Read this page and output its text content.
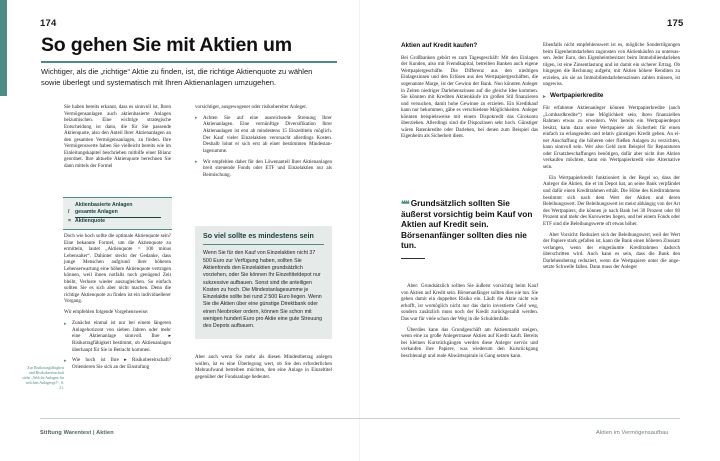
174	175
So gehen Sie mit Aktien um
Wichtiger, als die „richtige“ Aktie zu finden, ist, die richtige Aktienquote zu wählen sowie überlegt und systematisch mit Ihren Aktienanlagen umzugehen.

Sie haben bereits erkannt, dass es sinnvoll ist, Ihren Vermögensanlagen auch aktienbasierte Anlagen beizumischen. Eine wichtige strategische Entscheidung ist dann, die für Sie passende Aktienquote, also den Anteil Ihrer Aktienanlagen an den gesamten Vermögensanlagen, zu finden. Ihre Vermögenswerte haben Sie vielleicht bereits wie im Einleitungskapitel beschrieben mithilfe einer Bilanz geordnet. Ihre aktuelle Aktienquote berechnen Sie dann mittels der Formel

Aktienbasierte Anlagen
/ gesamte Anlagen
= Aktienquote

Doch wie hoch sollte die optimale Aktienquote sein? Eine bekannte Formel, um die Aktienquote zu ermitteln, lautet „Aktienquote = 100 minus Lebensalter“. Dahinter steckt der Gedanke, dass junge Menschen aufgrund ihrer höheren Lebenserwartung eine höhere Aktienquote vertragen können, weil ihnen notfalls noch genügend Zeit bleibt, Verluste wieder auszugleichen. So einfach sollten Sie es sich aber nicht machen. Denn die richtige Aktienquote zu finden ist ein individuellerer Vorgang.

Wir empfehlen folgende Vorgehensweise:

▸ Zunächst einmal ist nur bei einem längeren Anlagehorizont von sieben Jahren oder mehr eine Aktienanlage sinnvoll. Ihre ▸ Risikotragfähigkeit bestimmt, ob Aktienanlagen überhaupt für Sie in Betracht kommen.
▸ Wie hoch ist Ihre ▸ Risikobereitschaft? Orientieren Sie sich an der Einstufung
Zur Risikotragfähigkeit und Risikobereitschaft siehe „Welche Anlagen für welchen Anlagetyp?“, S. 21.

vorsichtiger, ausgewogener oder risikobereiter Anleger.

▸ Achten Sie auf eine ausreichende Streuung Ihrer Aktienanlagen. Eine vernünftige Diversifikation Ihrer Aktienanlagen ist erst ab mindestens 15 Einzeltiteln möglich. Der Kauf vieler Einzelaktien verursacht allerdings Kosten. Deshalb lohnt er sich erst ab einer bestimmten Mindestanlagesumme.
▸ Wir empfehlen daher für den Löwenanteil Ihrer Aktienanlagen breit streuende Fonds oder ETF und Einzelaktien nur als Beimischung.
So viel sollte es mindestens sein

Wenn Sie für den Kauf von Einzelaktien nicht 37 500 Euro zur Verfügung haben, sollten Sie Aktienfonds den Einzelaktien grundsätzlich vorziehen, oder Sie können Ihr Einzeltiteldepot nur sukzessive aufbauen. Sonst sind die anteiligen Kosten zu hoch. Die Mindestanlagesumme je Einzelaktie sollte bei rund 2 500 Euro liegen. Wenn Sie die Aktien über eine günstige Direktbank oder einen Neobroker ordern, können Sie schon mit wenigen hundert Euro pro Aktie eine gute Streuung des Depots aufbauen.

Aber auch wenn Sie mehr als diesen Mindestbetrag anlegen wollen, ist es eine Überlegung wert, ob Sie den erforderlichen Mehraufwand betreiben möchten, den eine Anlage in Einzeltitel gegenüber der Fondsanlage bedeutet.

Aktien auf Kredit kaufen?

Bei Großbanken gehört es zum Tagesgeschäft: Mit den Einlagen der Kunden, also mit Fremdkapital, betreiben Banken auch eigene Wertpapiergeschäfte. Die Differenz aus den niedrigen Einlagezinsen und den Erlösen aus den Wertpapiergeschäften, die sogenannte Marge, ist der Gewinn der Bank. Nun könnten Anleger in Zeiten niedriger Darlehenszinsen auf die gleiche Idee kommen. Sie könnten mit Krediten Aktienkäufe im großen Stil finanzieren und versuchen, damit hohe Gewinne zu erzielen. Ein Kreditkauf kann nur bekommen, gäbe es verschiedene Möglichkeiten. Anleger könnten beispielsweise mit einem Dispokredit das Girokonto überziehen. Allerdings sind die Dispozinsen sehr hoch. Günstiger wären Ratenkredite oder Darlehen, bei denen zum Beispiel das Eigenheim als Sicherheit dient.

❝❝ Grundsätzlich sollten Sie äußerst vorsichtig beim Kauf von Aktien auf Kredit sein. Börsenanfänger sollten dies nie tun.

Aber: Grundsätzlich sollten Sie äußerst vorsichtig beim Kauf von Aktien auf Kredit sein. Börsenanfänger sollten dies nie tun. Sie gehen damit ein doppeltes Risiko ein. Läuft die Aktie nicht wie erhofft, ist womöglich nicht nur das darin investierte Geld weg, sondern zusätzlich muss noch der Kredit zurückgezahlt werden. Das war für viele schon der Weg in die Schuldenfalle.

Überdies kann das Grundgeschäft am Aktienmarkt steigen, wenn eine zu große Anlegermasse Aktien auf Kredit kauft. Bereits bei kleinen Kursrückgängen werden diese Anleger nervös und verkaufen ihre Papiere, was wiederum den Kursrückgang beschleunigt und reale Abwärtsspirale in Gang setzen kann.

Ebenfalls nicht empfehlenswert ist es, mögliche Sondertilgungen beim Eigenheimdarlehen zugunsten von Aktienkäufen zu untersassen. Jeder Euro, den Eigenheimbesitzer beim Immobiliendarlehen tilgen, ist eine Zinsentlastung und ist damit ein sicherer Ertrag. Ob hingegen die Rechnung aufgeht, mit Aktien höhere Renditen zu erzielen, als sie an Immobiliendarlehenszinsen zahlen müssen, ist ungewiss.

▸ Wertpapierkredite

Für erfahrene Aktienanleger können Wertpapierkredite (auch „Lombardkredite“) eine Möglichkeit sein, ihren finanziellen Rahmen etwas zu erweitern. Wer bereits ein Wertpapierdepot besitzt, kann dazu seine Wertpapiere als Sicherheit für einen einfach zu erlangenden und relativ günstigen Kredit geben. An einer Anschaffung die höheren oder fließen Anlagen zu verzichten, kann sinnvoll sein. Wer also Geld zum Beispiel für Reparaturen oder Ersatzbeschaffungen benötigen, dafür aber nicht ihre Aktien verkaufen möchten, kann ein Wertpapierkredit eine Alternative sein.

Ein Wertpapierkredit funktioniert in der Regel so, dass der Anleger die Aktien, die er im Depot hat, an seine Bank verpfändet und dafür einen Kreditrahmen erhält. Die Höhe des Kreditrahmens bestimmt sich nach dem Wert der Aktien und deren Beleihungswert. Der Beleihungswert ist meist abhängig von der Art des Wertpapiers, die können je nach Bank bei 30 Prozent oder 80 Prozent und mehr des Kurswertes liegen, und bei einem Fonds oder ETF sind die Beleihungswerte oft etwas höher.

Aber Vorsicht: Reduziert sich der Beleihungswert, weil der Wert der Papiere stark gefallen ist, kann die Bank einen höheren Zinssatz verlangen, wenn der eingeräumte Kreditrahmen dadurch überschritten wird. Auch kann es sein, dass die Bank den Darlehensbetrag reduziert, wenn die Wertpapiere unter die angesetzte Schwelle fallen. Dann muss der Anleger

Stiftung Warentest | Aktien	Aktien im Vermögensaufbau
